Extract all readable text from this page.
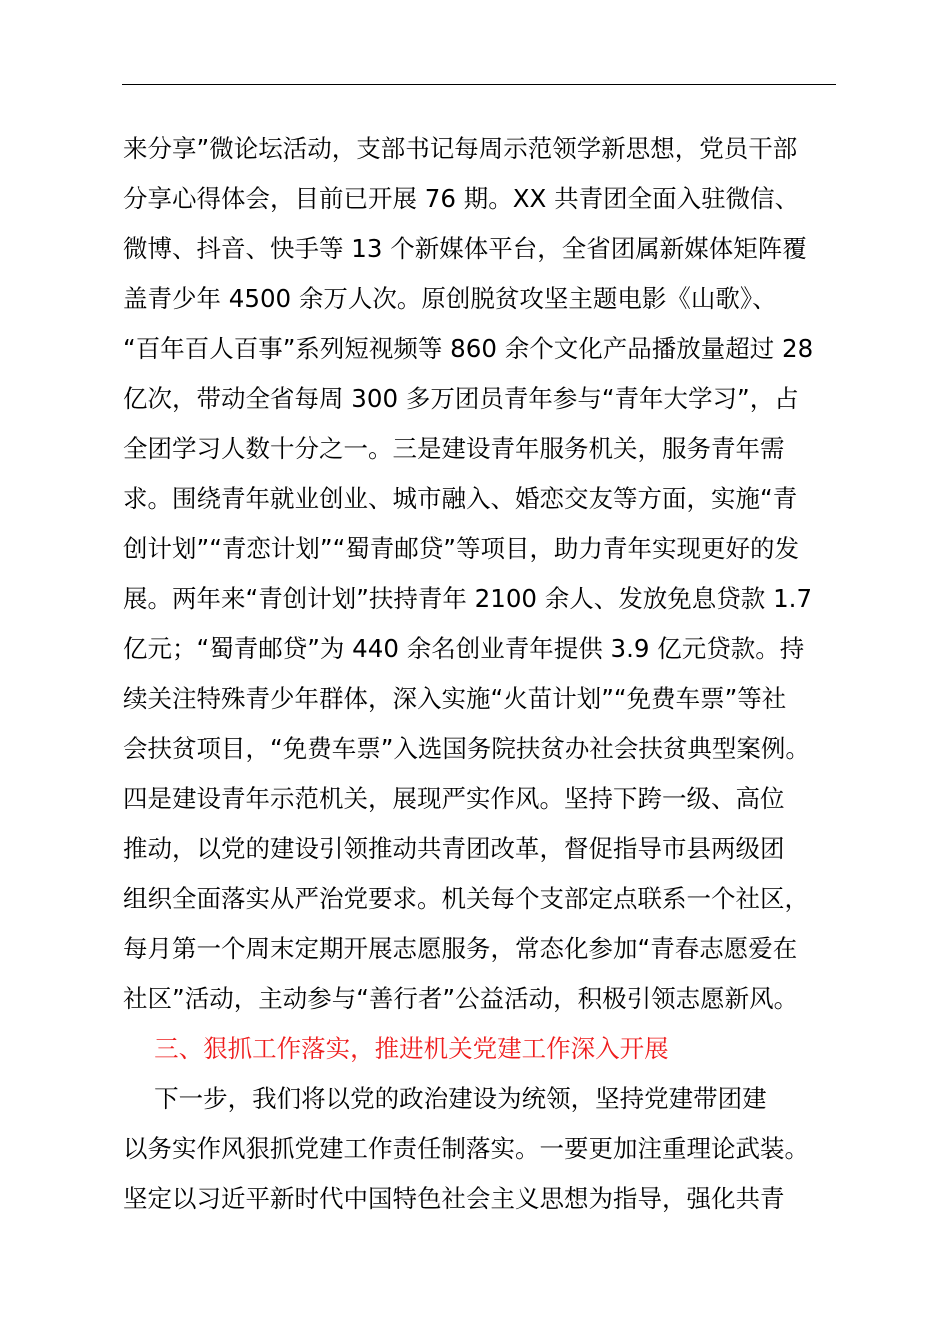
来分享”微论坛活动，支部书记每周示范领学新思想，党员干部
分享心得体会，目前已开展 76 期。XX 共青团全面入驻微信、
微博、抖音、快手等 13 个新媒体平台，全省团属新媒体矩阵覆
盖青少年 4500 余万人次。原创脱贫攻坚主题电影《山歌》、
“百年百人百事”系列短视频等 860 余个文化产品播放量超过 28
亿次，带动全省每周 300 多万团员青年参与“青年大学习”，占
全团学习人数十分之一。三是建设青年服务机关，服务青年需
求。围绕青年就业创业、城市融入、婚恋交友等方面，实施“青
创计划”“青恋计划”“蜀青邮贷”等项目，助力青年实现更好的发
展。两年来“青创计划”扶持青年 2100 余人、发放免息贷款 1.7
亿元；“蜀青邮贷”为 440 余名创业青年提供 3.9 亿元贷款。持
续关注特殊青少年群体，深入实施“火苗计划”“免费车票”等社
会扶贫项目，“免费车票”入选国务院扶贫办社会扶贫典型案例。
四是建设青年示范机关，展现严实作风。坚持下跨一级、高位
推动，以党的建设引领推动共青团改革，督促指导市县两级团
组织全面落实从严治党要求。机关每个支部定点联系一个社区，
每月第一个周末定期开展志愿服务，常态化参加“青春志愿爱在
社区”活动，主动参与“善行者”公益活动，积极引领志愿新风。
三、狠抓工作落实，推进机关党建工作深入开展
下一步，我们将以党的政治建设为统领，坚持党建带团建
以务实作风狠抓党建工作责任制落实。一要更加注重理论武装。
坚定以习近平新时代中国特色社会主义思想为指导，强化共青
